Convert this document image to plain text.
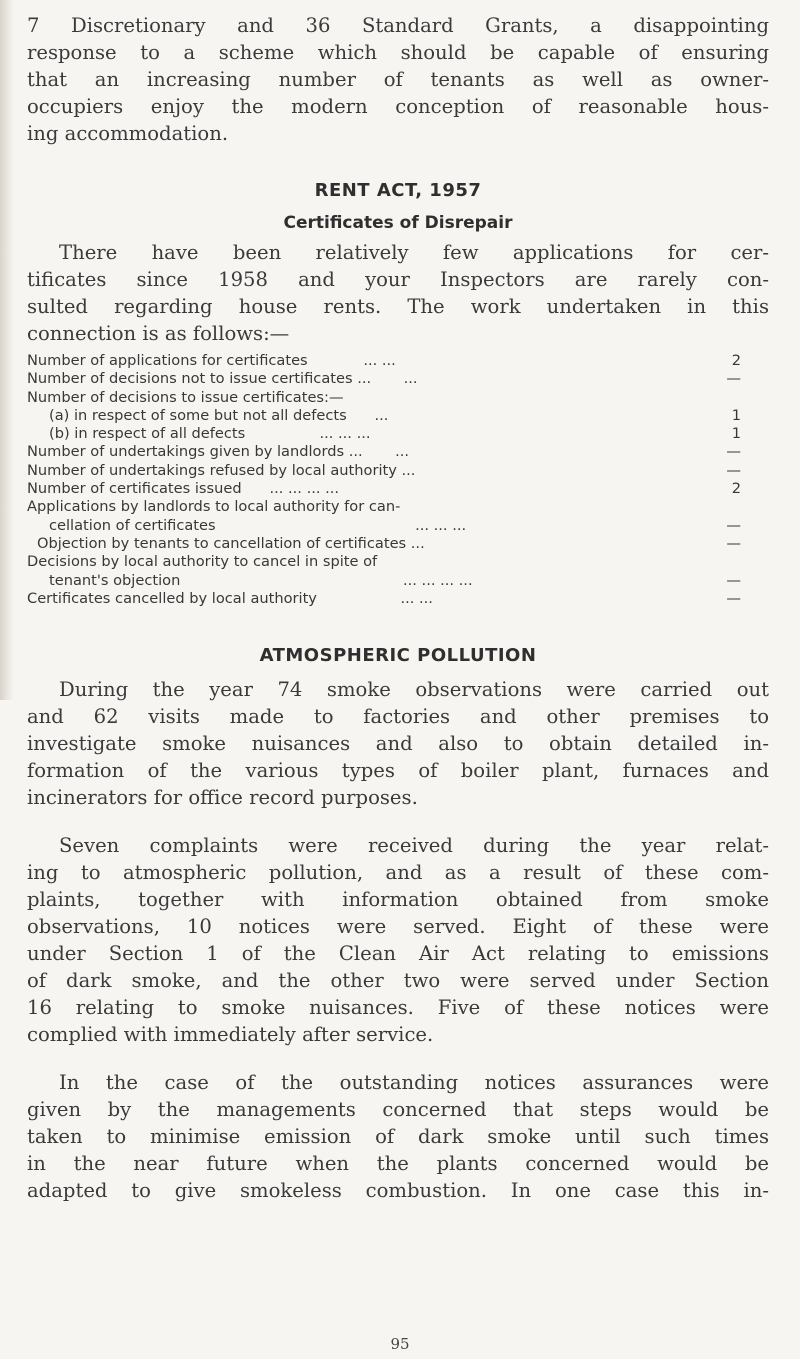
7 Discretionary and 36 Standard Grants, a disappointing
response to a scheme which should be capable of ensuring
that an increasing number of tenants as well as owner-
occupiers enjoy the modern conception of reasonable hous-
ing accommodation.

RENT ACT, 1957
Certificates of Disrepair

There have been relatively few applications for cer-
tificates since 1958 and your Inspectors are rarely con-
sulted regarding house rents. The work undertaken in this
connection is as follows:—

Number of applications for certificates	... ...	2
Number of decisions not to issue certificates ... ...	—
Number of decisions to issue certificates:—
(a) in respect of some but not all defects ...	1
(b) in respect of all defects	... ... ...	1
Number of undertakings given by landlords ... ...	—
Number of undertakings refused by local authority ...	—
Number of certificates issued ... ... ... ...	2
Applications by landlords to local authority for can-
cellation of certificates	... ... ...	—
Objection by tenants to cancellation of certificates ...	—
Decisions by local authority to cancel in spite of
tenant's objection	... ... ... ...	—
Certificates cancelled by local authority	... ...	—
ATMOSPHERIC POLLUTION

During the year 74 smoke observations were carried out
and 62 visits made to factories and other premises to
investigate smoke nuisances and also to obtain detailed in-
formation of the various types of boiler plant, furnaces and
incinerators for office record purposes.

Seven complaints were received during the year relat-
ing to atmospheric pollution, and as a result of these com-
plaints, together with information obtained from smoke
observations, 10 notices were served. Eight of these were
under Section 1 of the Clean Air Act relating to emissions
of dark smoke, and the other two were served under Section
16 relating to smoke nuisances. Five of these notices were
complied with immediately after service.

In the case of the outstanding notices assurances were
given by the managements concerned that steps would be
taken to minimise emission of dark smoke until such times
in the near future when the plants concerned would be
adapted to give smokeless combustion. In one case this in-

95
